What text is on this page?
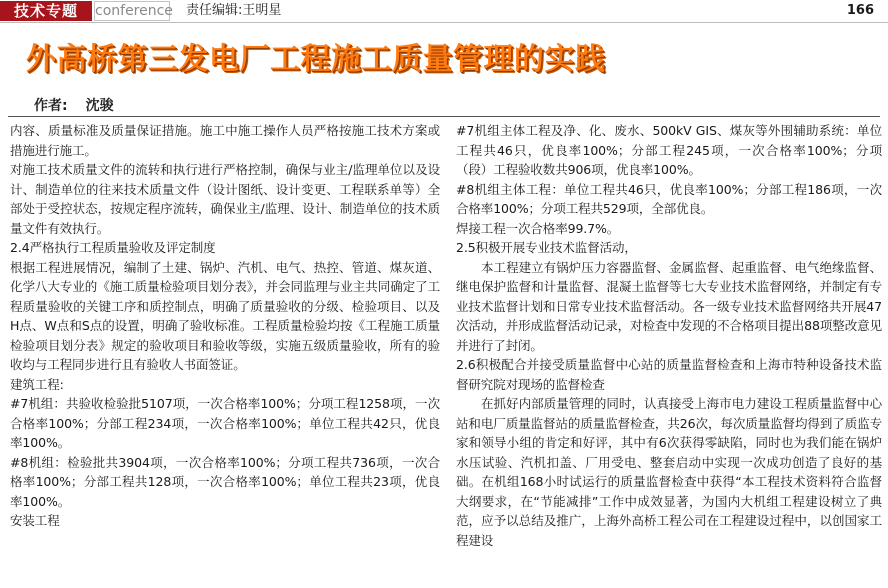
技术专题	conference 责任编辑:王明星	166
外高桥第三发电厂工程施工质量管理的实践
作者: 沈骏

内容、质量标准及质量保证措施。施工中施工操作人员严格按施工技术方案或措施进行施工。

对施工技术质量文件的流转和执行进行严格控制，确保与业主/监理单位以及设计、制造单位的往来技术质量文件（设计图纸、设计变更、工程联系单等）全部处于受控状态，按规定程序流转，确保业主/监理、设计、制造单位的技术质量文件有效执行。

2.4严格执行工程质量验收及评定制度

根据工程进展情况，编制了土建、锅炉、汽机、电气、热控、管道、煤灰道、化学八大专业的《施工质量检验项目划分表》，并会同监理与业主共同确定了工程质量验收的关键工序和质控制点，明确了质量验收的分级、检验项目、以及H点、W点和S点的设置，明确了验收标准。工程质量检验均按《工程施工质量检验项目划分表》规定的验收项目和验收等级，实施五级质量验收，所有的验收均与工程同步进行且有验收人书面签证。

建筑工程:

#7机组：共验收检验批5107项，一次合格率100%；分项工程1258项，一次合格率100%；分部工程234项，一次合格率100%；单位工程共42只，优良率100%。

#8机组：检验批共3904项，一次合格率100%；分项工程共736项，一次合格率100%；分部工程共128项，一次合格率100%；单位工程共23项，优良率100%。

安装工程

#7机组主体工程及净、化、废水、500kV GIS、煤灰等外围辅助系统：单位工程共46只，优良率100%；分部工程245项，一次合格率100%；分项（段）工程验收数共906项，优良率100%。

#8机组主体工程：单位工程共46只，优良率100%；分部工程186项，一次合格率100%；分项工程共529项，全部优良。

焊接工程一次合格率99.7%。

2.5积极开展专业技术监督活动，

本工程建立有锅炉压力容器监督、金属监督、起重监督、电气绝缘监督、继电保护监督和计量监督、混凝土监督等七大专业技术监督网络，并制定有专业技术监督计划和日常专业技术监督活动。各一级专业技术监督网络共开展47次活动，并形成监督活动记录，对检查中发现的不合格项目提出88项整改意见并进行了封闭。

2.6积极配合并接受质量监督中心站的质量监督检查和上海市特种设备技术监督研究院对现场的监督检查

在抓好内部质量管理的同时，认真接受上海市电力建设工程质量监督中心站和电厂质量监督站的质量监督检查，共26次，每次质量监督均得到了质监专家和领导小组的肯定和好评，其中有6次获得零缺陷，同时也为我们能在锅炉水压试验、汽机扣盖、厂用受电、整套启动中实现一次成功创造了良好的基础。在机组168小时试运行的质量监督检查中获得“本工程技术资料符合监督大纲要求，在“节能减排”工作中成效显著，为国内大机组工程建设树立了典范，应予以总结及推广，上海外高桥工程公司在工程建设过程中，以创国家工程建设
